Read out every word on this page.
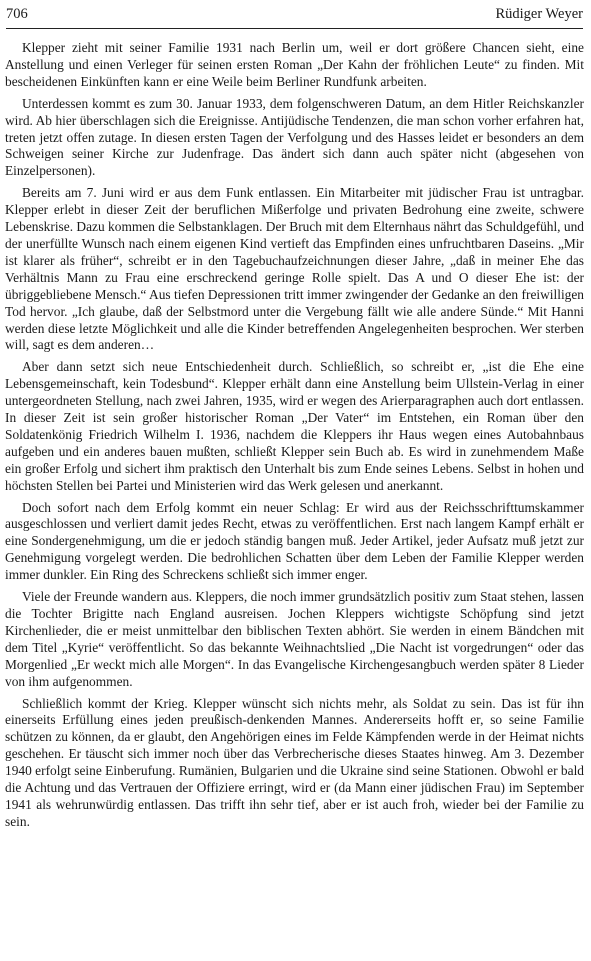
706	Rüdiger Weyer

Klepper zieht mit seiner Familie 1931 nach Berlin um, weil er dort größere Chancen sieht, eine Anstellung und einen Verleger für seinen ersten Roman „Der Kahn der fröhlichen Leute“ zu finden. Mit bescheidenen Einkünften kann er eine Weile beim Berliner Rundfunk arbeiten.

Unterdessen kommt es zum 30. Januar 1933, dem folgenschweren Datum, an dem Hitler Reichskanzler wird. Ab hier überschlagen sich die Ereignisse. Antijüdische Tendenzen, die man schon vorher erfahren hat, treten jetzt offen zutage. In diesen ersten Tagen der Verfolgung und des Hasses leidet er besonders an dem Schweigen seiner Kirche zur Judenfrage. Das ändert sich dann auch später nicht (abgesehen von Einzelpersonen).

Bereits am 7. Juni wird er aus dem Funk entlassen. Ein Mitarbeiter mit jüdischer Frau ist untragbar. Klepper erlebt in dieser Zeit der beruflichen Mißerfolge und privaten Bedrohung eine zweite, schwere Lebenskrise. Dazu kommen die Selbstanklagen. Der Bruch mit dem Elternhaus nährt das Schuldgefühl, und der unerfüllte Wunsch nach einem eigenen Kind vertieft das Empfinden eines unfruchtbaren Daseins. „Mir ist klarer als früher“, schreibt er in den Tagebuchaufzeichnungen dieser Jahre, „daß in meiner Ehe das Verhältnis Mann zu Frau eine erschreckend geringe Rolle spielt. Das A und O dieser Ehe ist: der übriggebliebene Mensch.“ Aus tiefen Depressionen tritt immer zwingender der Gedanke an den freiwilligen Tod hervor. „Ich glaube, daß der Selbstmord unter die Vergebung fällt wie alle andere Sünde.“ Mit Hanni werden diese letzte Möglichkeit und alle die Kinder betreffenden Angelegenheiten besprochen. Wer sterben will, sagt es dem anderen…

Aber dann setzt sich neue Entschiedenheit durch. Schließlich, so schreibt er, „ist die Ehe eine Lebensgemeinschaft, kein Todesbund“. Klepper erhält dann eine Anstellung beim Ullstein-Verlag in einer untergeordneten Stellung, nach zwei Jahren, 1935, wird er wegen des Arierparagraphen auch dort entlassen. In dieser Zeit ist sein großer historischer Roman „Der Vater“ im Entstehen, ein Roman über den Soldatenkönig Friedrich Wilhelm I. 1936, nachdem die Kleppers ihr Haus wegen eines Autobahnbaus aufgeben und ein anderes bauen mußten, schließt Klepper sein Buch ab. Es wird in zunehmendem Maße ein großer Erfolg und sichert ihm praktisch den Unterhalt bis zum Ende seines Lebens. Selbst in hohen und höchsten Stellen bei Partei und Ministerien wird das Werk gelesen und anerkannt.

Doch sofort nach dem Erfolg kommt ein neuer Schlag: Er wird aus der Reichsschrifttumskammer ausgeschlossen und verliert damit jedes Recht, etwas zu veröffentlichen. Erst nach langem Kampf erhält er eine Sondergenehmigung, um die er jedoch ständig bangen muß. Jeder Artikel, jeder Aufsatz muß jetzt zur Genehmigung vorgelegt werden. Die bedrohlichen Schatten über dem Leben der Familie Klepper werden immer dunkler. Ein Ring des Schreckens schließt sich immer enger.

Viele der Freunde wandern aus. Kleppers, die noch immer grundsätzlich positiv zum Staat stehen, lassen die Tochter Brigitte nach England ausreisen. Jochen Kleppers wichtigste Schöpfung sind jetzt Kirchenlieder, die er meist unmittelbar den biblischen Texten abhört. Sie werden in einem Bändchen mit dem Titel „Kyrie“ veröffentlicht. So das bekannte Weihnachtslied „Die Nacht ist vorgedrungen“ oder das Morgenlied „Er weckt mich alle Morgen“. In das Evangelische Kirchengesangbuch werden später 8 Lieder von ihm aufgenommen.

Schließlich kommt der Krieg. Klepper wünscht sich nichts mehr, als Soldat zu sein. Das ist für ihn einerseits Erfüllung eines jeden preußisch-denkenden Mannes. Andererseits hofft er, so seine Familie schützen zu können, da er glaubt, den Angehörigen eines im Felde Kämpfenden werde in der Heimat nichts geschehen. Er täuscht sich immer noch über das Verbrecherische dieses Staates hinweg. Am 3. Dezember 1940 erfolgt seine Einberufung. Rumänien, Bulgarien und die Ukraine sind seine Stationen. Obwohl er bald die Achtung und das Vertrauen der Offiziere erringt, wird er (da Mann einer jüdischen Frau) im September 1941 als wehrunwürdig entlassen. Das trifft ihn sehr tief, aber er ist auch froh, wieder bei der Familie zu sein.
